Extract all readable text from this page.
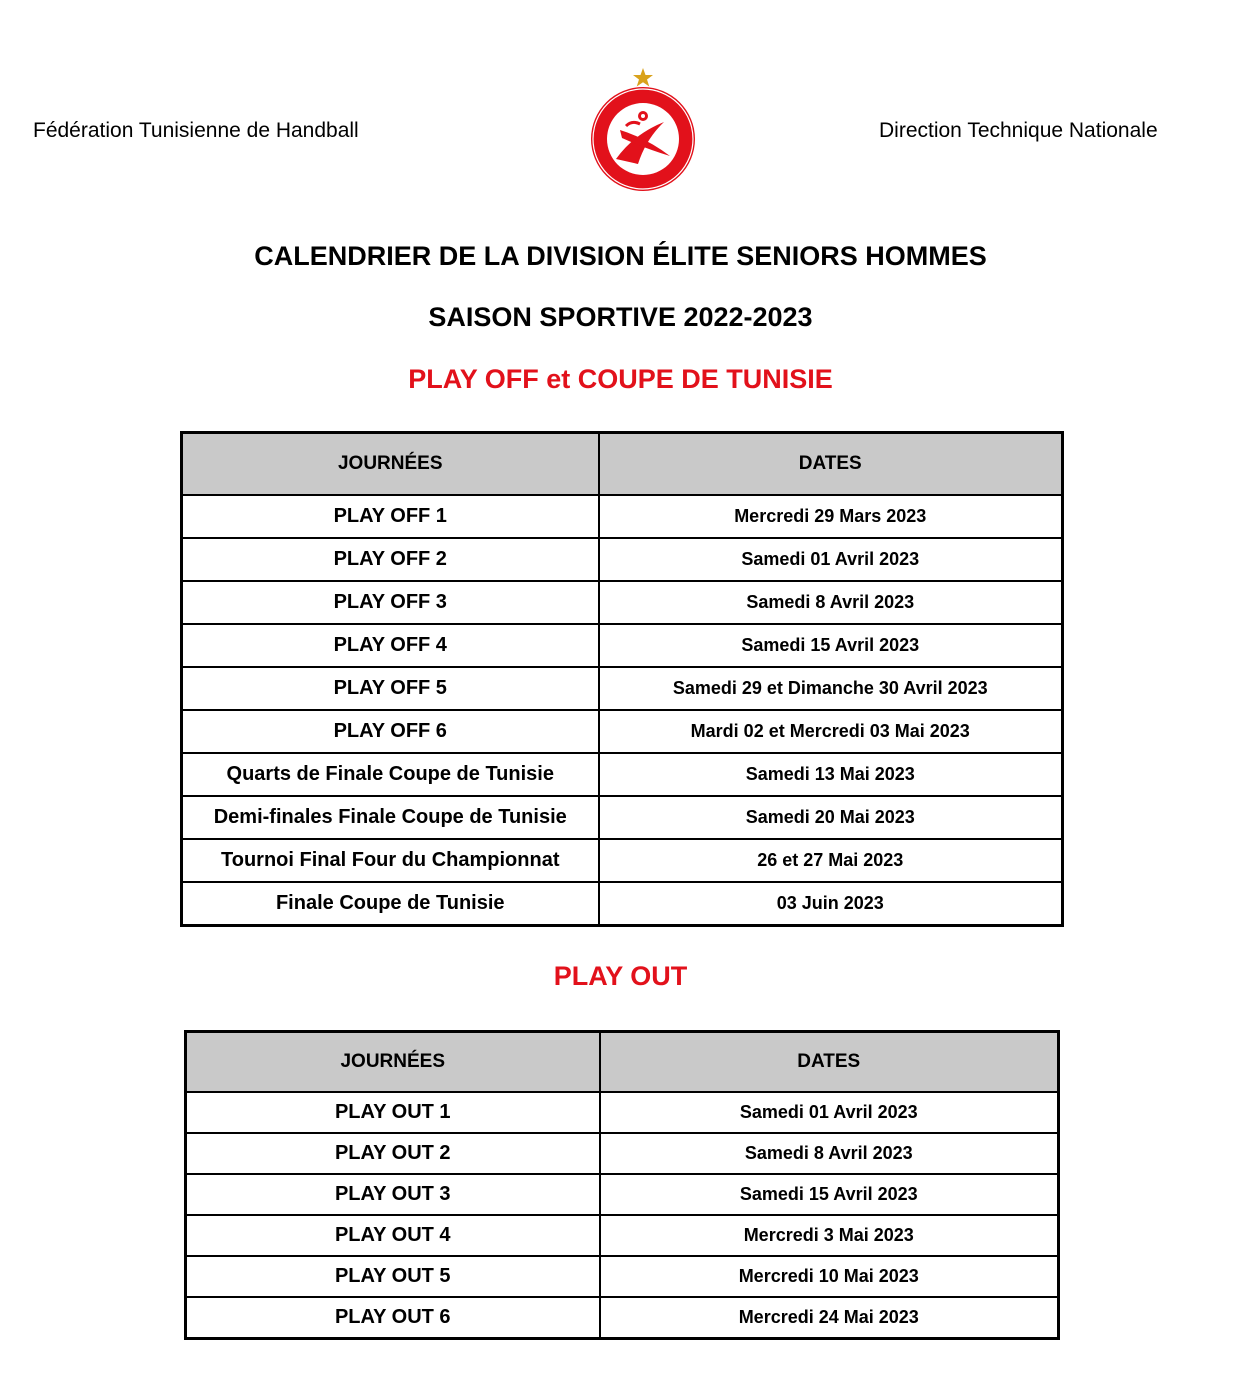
Fédération Tunisienne de Handball	Direction Technique Nationale
CALENDRIER DE LA DIVISION ÉLITE SENIORS HOMMES
SAISON SPORTIVE 2022-2023
PLAY OFF et COUPE DE TUNISIE
JOURNÉES	DATES
PLAY OFF 1	Mercredi 29 Mars 2023
PLAY OFF 2	Samedi 01 Avril 2023
PLAY OFF 3	Samedi 8 Avril 2023
PLAY OFF 4	Samedi 15 Avril 2023
PLAY OFF 5	Samedi 29 et Dimanche 30 Avril 2023
PLAY OFF 6	Mardi 02 et Mercredi 03 Mai 2023
Quarts de Finale Coupe de Tunisie	Samedi 13 Mai 2023
Demi-finales Finale Coupe de Tunisie	Samedi 20 Mai 2023
Tournoi Final Four du Championnat	26 et 27 Mai 2023
Finale Coupe de Tunisie	03 Juin 2023
PLAY OUT
JOURNÉES	DATES
PLAY OUT 1	Samedi 01 Avril 2023
PLAY OUT 2	Samedi 8 Avril 2023
PLAY OUT 3	Samedi 15 Avril 2023
PLAY OUT 4	Mercredi 3 Mai 2023
PLAY OUT 5	Mercredi 10 Mai 2023
PLAY OUT 6	Mercredi 24 Mai 2023
